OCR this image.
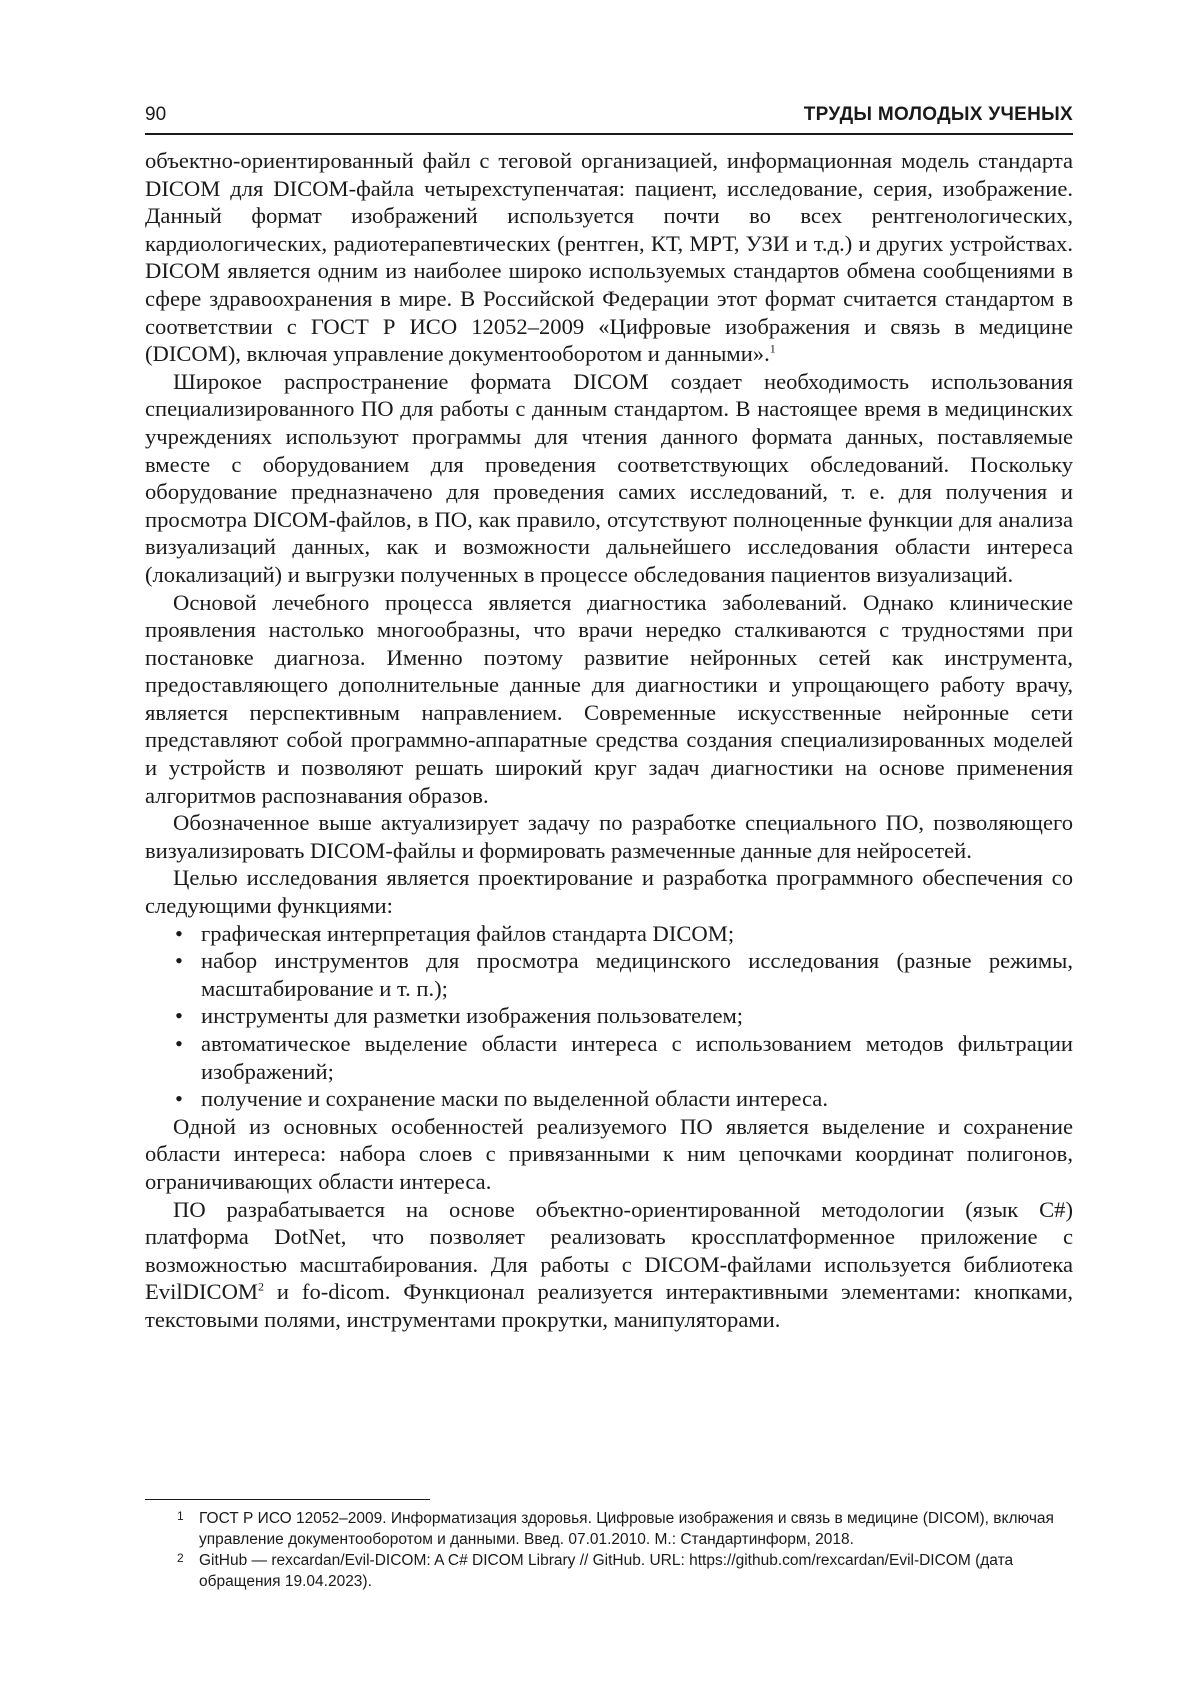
90	ТРУДЫ МОЛОДЫХ УЧЕНЫХ

объектно-ориентированный файл с теговой организацией, информационная модель стандарта DICOM для DICOM-файла четырехступенчатая: пациент, исследование, серия, изображение. Данный формат изображений используется почти во всех рентгенологических, кардиологических, радиотерапевтических (рентген, КТ, МРТ, УЗИ и т.д.) и других устройствах. DICOM является одним из наиболее широко используемых стандартов обмена сообщениями в сфере здравоохранения в мире. В Российской Федерации этот формат считается стандартом в соответствии с ГОСТ Р ИСО 12052–2009 «Цифровые изображения и связь в медицине (DICOM), включая управление документооборотом и данными».$^1$

Широкое распространение формата DICOM создает необходимость использования специализированного ПО для работы с данным стандартом. В настоящее время в медицинских учреждениях используют программы для чтения данного формата данных, поставляемые вместе с оборудованием для проведения соответствующих обследований. Поскольку оборудование предназначено для проведения самих исследований, т. е. для получения и просмотра DICOM-файлов, в ПО, как правило, отсутствуют полноценные функции для анализа визуализаций данных, как и возможности дальнейшего исследования области интереса (локализаций) и выгрузки полученных в процессе обследования пациентов визуализаций.

Основой лечебного процесса является диагностика заболеваний. Однако клинические проявления настолько многообразны, что врачи нередко сталкиваются с трудностями при постановке диагноза. Именно поэтому развитие нейронных сетей как инструмента, предоставляющего дополнительные данные для диагностики и упрощающего работу врачу, является перспективным направлением. Современные искусственные нейронные сети представляют собой программно-аппаратные средства создания специализированных моделей и устройств и позволяют решать широкий круг задач диагностики на основе применения алгоритмов распознавания образов.

Обозначенное выше актуализирует задачу по разработке специального ПО, позволяющего визуализировать DICOM-файлы и формировать размеченные данные для нейросетей.

Целью исследования является проектирование и разработка программного обеспечения со следующими функциями:

• графическая интерпретация файлов стандарта DICOM;
• набор инструментов для просмотра медицинского исследования (разные режимы, масштабирование и т. п.);
• инструменты для разметки изображения пользователем;
• автоматическое выделение области интереса с использованием методов фильтрации изображений;
• получение и сохранение маски по выделенной области интереса.

Одной из основных особенностей реализуемого ПО является выделение и сохранение области интереса: набора слоев с привязанными к ним цепочками координат полигонов, ограничивающих области интереса.

ПО разрабатывается на основе объектно-ориентированной методологии (язык C#) платформа DotNet, что позволяет реализовать кроссплатформенное приложение с возможностью масштабирования. Для работы с DICOM-файлами используется библиотека EvilDICOM$^2$ и fo-dicom. Функционал реализуется интерактивными элементами: кнопками, текстовыми полями, инструментами прокрутки, манипуляторами.

1 ГОСТ Р ИСО 12052–2009. Информатизация здоровья. Цифровые изображения и связь в медицине (DICOM), включая управление документооборотом и данными. Введ. 07.01.2010. М.: Стандартинформ, 2018.
2 GitHub — rexcardan/Evil-DICOM: A C# DICOM Library // GitHub. URL: https://github.com/rexcardan/Evil-DICOM (дата обращения 19.04.2023).
